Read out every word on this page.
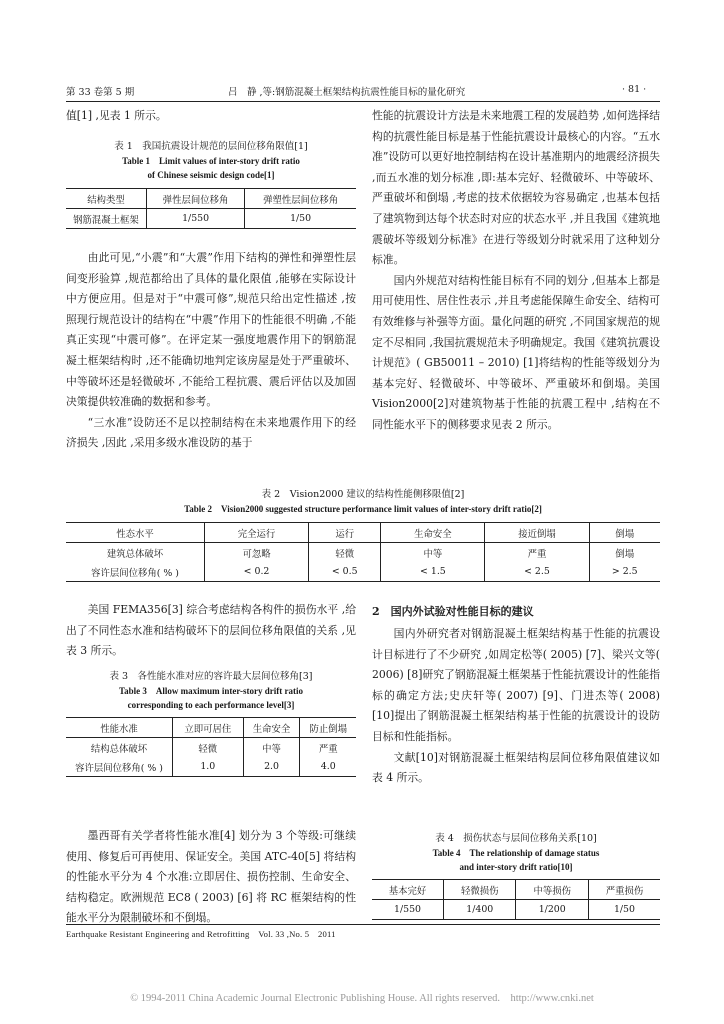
第 33 卷第 5 期	吕　静 ,等:钢筋混凝土框架结构抗震性能目标的量化研究	· 81 ·

值[1] ,见表 1 所示。

表 1　我国抗震设计规范的层间位移角限值[1]
Table 1　Limit values of inter-story drift ratio
of Chinese seismic design code[1]
结构类型	弹性层间位移角	弹塑性层间位移角
钢筋混凝土框架	1/550	1/50

由此可见,“小震”和“大震”作用下结构的弹性和弹塑性层间变形验算 ,规范都给出了具体的量化限值 ,能够在实际设计中方便应用。但是对于“中震可修”,规范只给出定性描述 ,按照现行规范设计的结构在“中震”作用下的性能很不明确 ,不能真正实现“中震可修”。在评定某一强度地震作用下的钢筋混凝土框架结构时 ,还不能确切地判定该房屋是处于严重破坏、中等破坏还是轻微破坏 ,不能给工程抗震、震后评估以及加固决策提供较准确的数据和参考。

“三水准”设防还不足以控制结构在未来地震作用下的经济损失 ,因此 ,采用多级水准设防的基于

性能的抗震设计方法是未来地震工程的发展趋势 ,如何选择结构的抗震性能目标是基于性能抗震设计最核心的内容。“五水准”设防可以更好地控制结构在设计基准期内的地震经济损失 ,而五水准的划分标准 ,即:基本完好、轻微破坏、中等破坏、严重破坏和倒塌 ,考虑的技术依据较为容易确定 ,也基本包括了建筑物到达每个状态时对应的状态水平 ,并且我国《建筑地震破坏等级划分标准》在进行等级划分时就采用了这种划分标准。

国内外规范对结构性能目标有不同的划分 ,但基本上都是用可使用性、居住性表示 ,并且考虑能保障生命安全、结构可有效维修与补强等方面。量化问题的研究 ,不同国家规范的规定不尽相同 ,我国抗震规范未予明确规定。我国《建筑抗震设计规范》( GB50011 – 2010) [1]将结构的性能等级划分为基本完好、轻微破坏、中等破坏、严重破坏和倒塌。美国 Vision2000[2]对建筑物基于性能的抗震工程中 ,结构在不同性能水平下的侧移要求见表 2 所示。

表 2　Vision2000 建议的结构性能侧移限值[2]
Table 2　Vision2000 suggested structure performance limit values of inter-story drift ratio[2]
性态水平	完全运行	运行	生命安全	接近倒塌	倒塌
建筑总体破坏	可忽略	轻微	中等	严重	倒塌
容许层间位移角( % )	< 0.2	< 0.5	< 1.5	< 2.5	> 2.5

美国 FEMA356[3] 综合考虑结构各构件的损伤水平 ,给出了不同性态水准和结构破坏下的层间位移角限值的关系 ,见表 3 所示。

表 3　各性能水准对应的容许最大层间位移角[3]
Table 3　Allow maximum inter-story drift ratio
corresponding to each performance level[3]
性能水准	立即可居住	生命安全	防止倒塌
结构总体破坏	轻微	中等	严重
容许层间位移角( % )	1.0	2.0	4.0

墨西哥有关学者将性能水准[4] 划分为 3 个等级:可继续使用、修复后可再使用、保证安全。美国 ATC-40[5] 将结构的性能水平分为 4 个水准:立即居住、损伤控制、生命安全、结构稳定。欧洲规范 EC8 ( 2003) [6] 将 RC 框架结构的性能水平分为限制破坏和不倒塌。

2　国内外试验对性能目标的建议

国内外研究者对钢筋混凝土框架结构基于性能的抗震设计目标进行了不少研究 ,如周定松等( 2005) [7]、梁兴文等( 2006) [8]研究了钢筋混凝土框架基于性能抗震设计的性能指标的确定方法;史庆轩等( 2007) [9]、门进杰等( 2008) [10]提出了钢筋混凝土框架结构基于性能的抗震设计的设防目标和性能指标。

文献[10]对钢筋混凝土框架结构层间位移角限值建议如表 4 所示。

表 4　损伤状态与层间位移角关系[10]
Table 4　The relationship of damage status
and inter-story drift ratio[10]
基本完好	轻微损伤	中等损伤	严重损伤
1/550	1/400	1/200	1/50
Earthquake Resistant Engineering and Retrofitting　Vol. 33 ,No. 5　2011
© 1994-2011 China Academic Journal Electronic Publishing House. All rights reserved.　http://www.cnki.net
